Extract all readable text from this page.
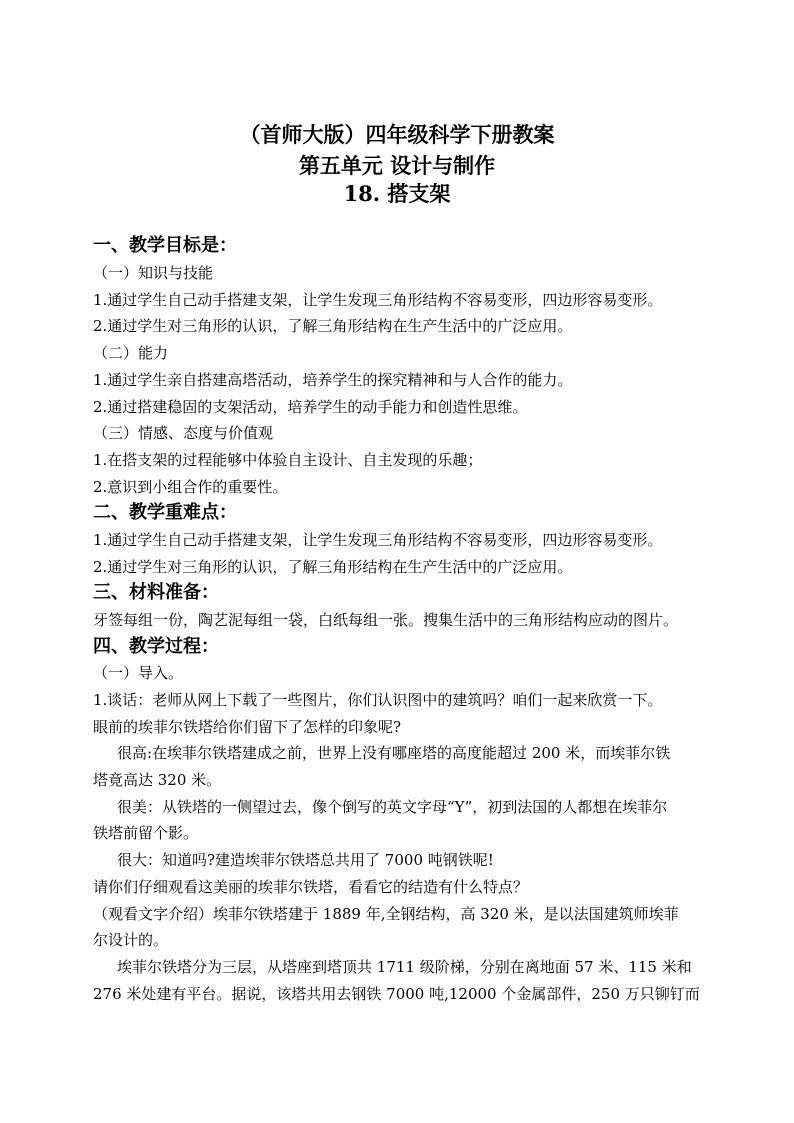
（首师大版）四年级科学下册教案
第五单元 设计与制作
18. 搭支架
一、教学目标是：
（一）知识与技能
1.通过学生自己动手搭建支架，让学生发现三角形结构不容易变形，四边形容易变形。
2.通过学生对三角形的认识，了解三角形结构在生产生活中的广泛应用。
（二）能力
1.通过学生亲自搭建高塔活动，培养学生的探究精神和与人合作的能力。
2.通过搭建稳固的支架活动，培养学生的动手能力和创造性思维。
（三）情感、态度与价值观
1.在搭支架的过程能够中体验自主设计、自主发现的乐趣；
2.意识到小组合作的重要性。
二、教学重难点：
1.通过学生自己动手搭建支架，让学生发现三角形结构不容易变形，四边形容易变形。
2.通过学生对三角形的认识，了解三角形结构在生产生活中的广泛应用。
三、材料准备：
牙签每组一份，陶艺泥每组一袋，白纸每组一张。搜集生活中的三角形结构应动的图片。
四、教学过程：
（一）导入。
1.谈话：老师从网上下载了一些图片，你们认识图中的建筑吗？咱们一起来欣赏一下。
眼前的埃菲尔铁塔给你们留下了怎样的印象呢?
很高:在埃菲尔铁塔建成之前，世界上没有哪座塔的高度能超过 200 米，而埃菲尔铁
塔竟高达 320 米。
很美：从铁塔的一侧望过去，像个倒写的英文字母“Y”，初到法国的人都想在埃菲尔
铁塔前留个影。
很大：知道吗?建造埃菲尔铁塔总共用了 7000 吨钢铁呢!
请你们仔细观看这美丽的埃菲尔铁塔，看看它的结造有什么特点？
（观看文字介绍）埃菲尔铁塔建于 1889 年,全钢结构，高 320 米，是以法国建筑师埃菲
尔设计的。
埃菲尔铁塔分为三层，从塔座到塔顶共 1711 级阶梯，分别在离地面 57 米、115 米和
276 米处建有平台。据说，该塔共用去钢铁 7000 吨,12000 个金属部件，250 万只铆钉而
